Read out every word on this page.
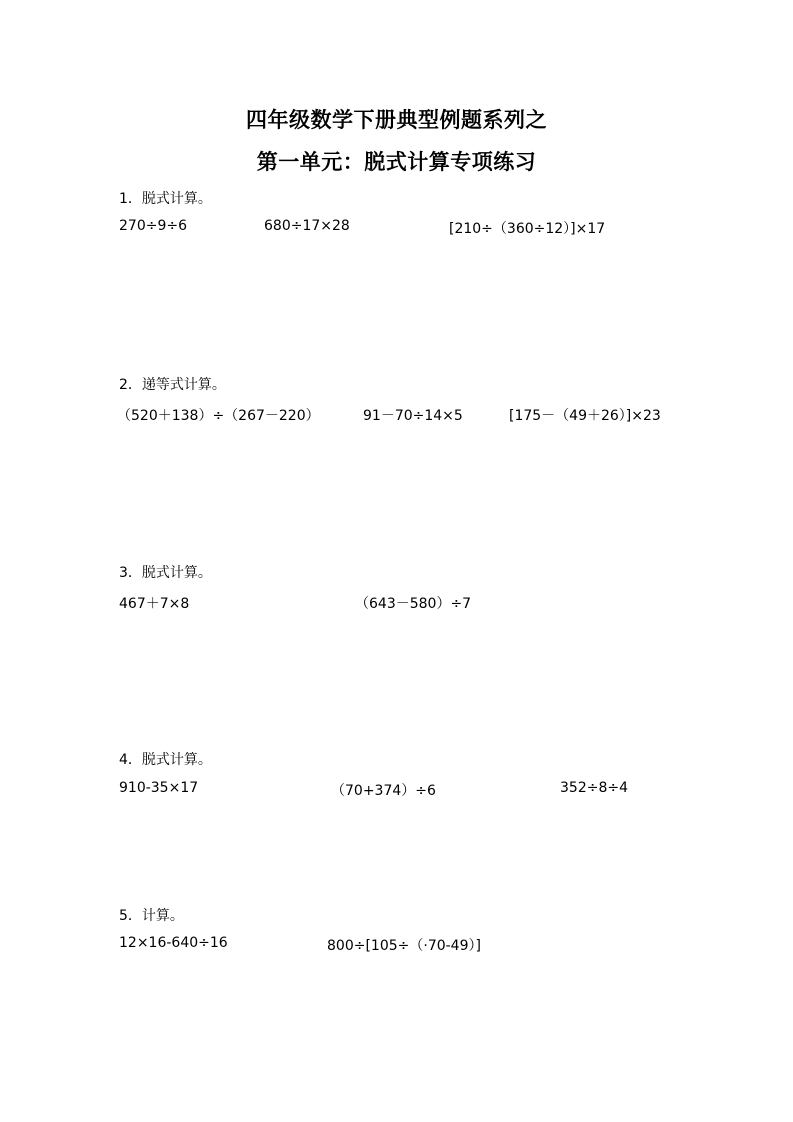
四年级数学下册典型例题系列之
第一单元：脱式计算专项练习
1．脱式计算。
270÷9÷6	680÷17×28	[210÷（360÷12）]×17
2．递等式计算。
（520＋138）÷（267－220）	91－70÷14×5	[175－（49＋26）]×23
3．脱式计算。
467＋7×8	（643－580）÷7
4．脱式计算。
910-35×17	（70+374）÷6	352÷8÷4
5．计算。
12×16-640÷16	800÷[105÷（·70-49）]
